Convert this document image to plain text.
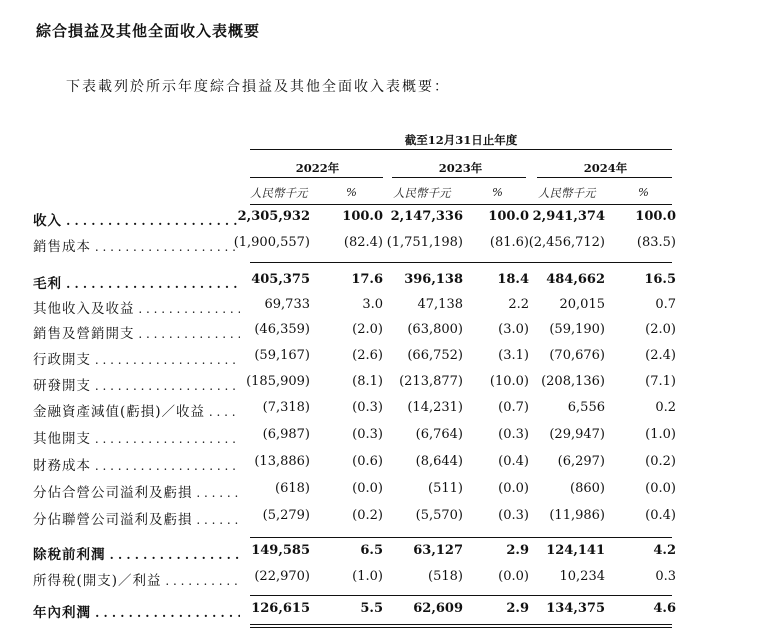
綜合損益及其他全面收入表概要
下表載列於所示年度綜合損益及其他全面收入表概要：
截至12月31日止年度
2022年	2023年	2024年
人民幣千元	%	人民幣千元	%	人民幣千元	%
收入 . . .	2,305,932 100.0 2,147,336 100.0 2,941,374 100.0
銷售成本 . . .	(1,900,557)	(82.4) (1,751,198) (81.6) (2,456,712) (83.5)
毛利 . . .	405,375	17.6 396,138	18.4 484,662	16.5
其他收入及收益 . . .	69,733	3.0	47,138	2.2 20,015	0.7
銷售及營銷開支 . . .	(46,359)	(2.0) (63,800)	(3.0) (59,190)	(2.0)
行政開支 . . .	(59,167)	(2.6) (66,752)	(3.1) (70,676)	(2.4)
研發開支 . . .	(185,909)	(8.1) (213,877) (10.0) (208,136)	(7.1)
金融資產減值(虧損)／收益 . . .	(7,318)	(0.3) (14,231)	(0.7)	6,556	0.2
其他開支 . . .	(6,987)	(0.3)	(6,764)	(0.3) (29,947)	(1.0)
財務成本 . . .	(13,886)	(0.6)	(8,644)	(0.4) (6,297)	(0.2)
分佔合營公司溢利及虧損 . . .	(618)	(0.0)	(511)	(0.0)	(860)	(0.0)
分佔聯營公司溢利及虧損 . . .	(5,279)	(0.2)	(5,570)	(0.3) (11,986)	(0.4)
除稅前利潤 . . .	149,585	6.5 63,127	2.9 124,141	4.2
所得稅(開支)／利益 . . .	(22,970)	(1.0)	(518)	(0.0) 10,234	0.3
年內利潤 . . .	126,615	5.5 62,609	2.9 134,375	4.6
